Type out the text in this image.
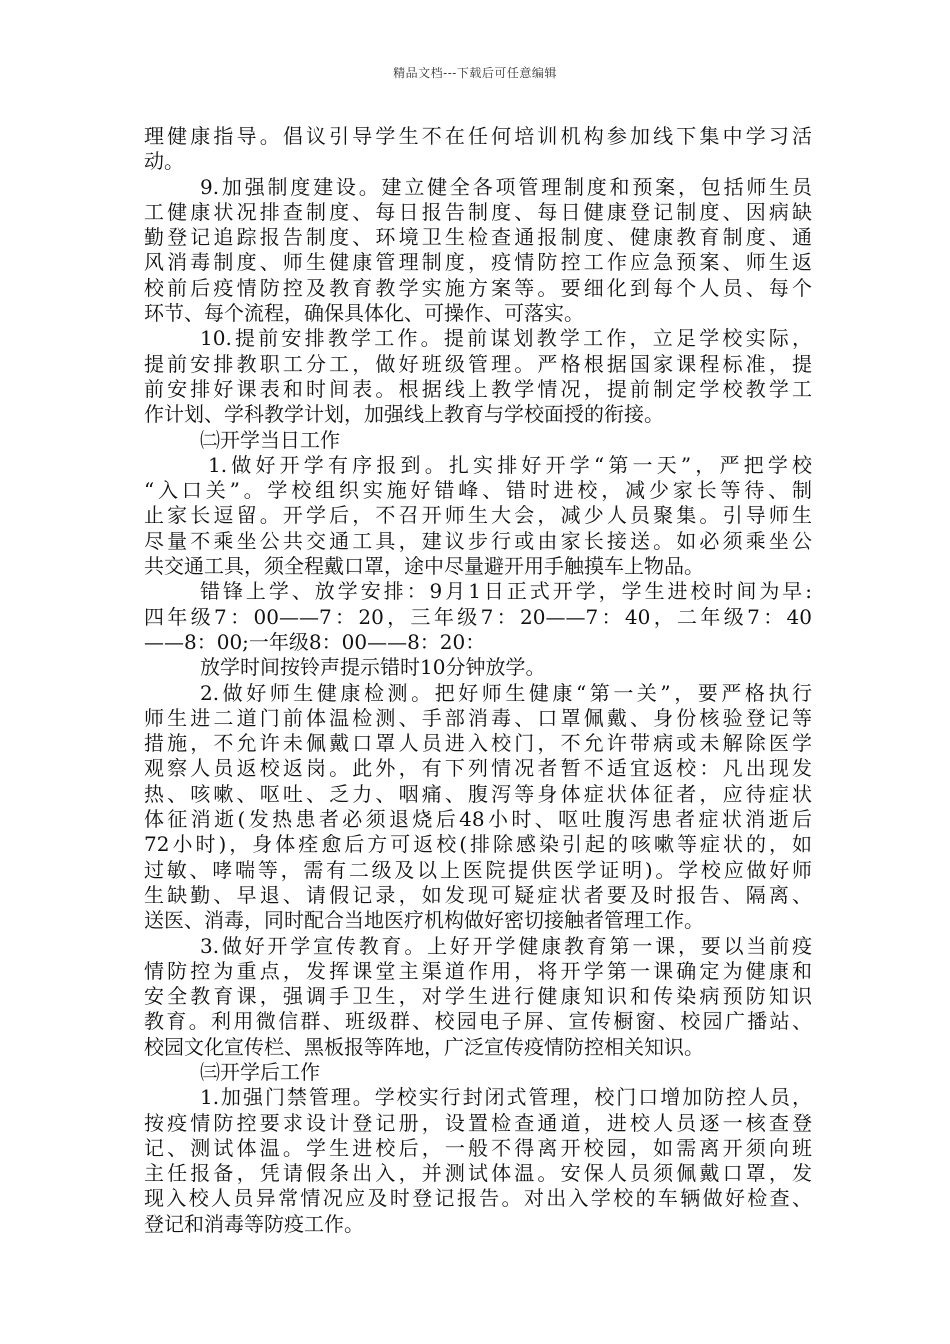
精品文档---下载后可任意编辑
理健康指导。倡议引导学生不在任何培训机构参加线下集中学习活
动。
9.加强制度建设。建立健全各项管理制度和预案，包括师生员
工健康状况排查制度、每日报告制度、每日健康登记制度、因病缺
勤登记追踪报告制度、环境卫生检查通报制度、健康教育制度、通
风消毒制度、师生健康管理制度，疫情防控工作应急预案、师生返
校前后疫情防控及教育教学实施方案等。要细化到每个人员、每个
环节、每个流程，确保具体化、可操作、可落实。
10.提前安排教学工作。提前谋划教学工作，立足学校实际，
提前安排教职工分工，做好班级管理。严格根据国家课程标准，提
前安排好课表和时间表。根据线上教学情况，提前制定学校教学工
作计划、学科教学计划，加强线上教育与学校面授的衔接。
㈡开学当日工作
1.做好开学有序报到。扎实排好开学“第一天”，严把学校
“入口关”。学校组织实施好错峰、错时进校，减少家长等待、制
止家长逗留。开学后，不召开师生大会，减少人员聚集。引导师生
尽量不乘坐公共交通工具，建议步行或由家长接送。如必须乘坐公
共交通工具，须全程戴口罩，途中尽量避开用手触摸车上物品。
错锋上学、放学安排：9月1日正式开学，学生进校时间为早:
四年级7：00——7：20，三年级7：20——7：40，二年级7：40
——8：00;一年级8：00——8：20：
放学时间按铃声提示错时10分钟放学。
2.做好师生健康检测。把好师生健康“第一关”，要严格执行
师生进二道门前体温检测、手部消毒、口罩佩戴、身份核验登记等
措施，不允许未佩戴口罩人员进入校门，不允许带病或未解除医学
观察人员返校返岗。此外，有下列情况者暂不适宜返校：凡出现发
热、咳嗽、呕吐、乏力、咽痛、腹泻等身体症状体征者，应待症状
体征消逝(发热患者必须退烧后48小时、呕吐腹泻患者症状消逝后
72小时)，身体痊愈后方可返校(排除感染引起的咳嗽等症状的，如
过敏、哮喘等，需有二级及以上医院提供医学证明)。学校应做好师
生缺勤、早退、请假记录，如发现可疑症状者要及时报告、隔离、
送医、消毒，同时配合当地医疗机构做好密切接触者管理工作。
3.做好开学宣传教育。上好开学健康教育第一课，要以当前疫
情防控为重点，发挥课堂主渠道作用，将开学第一课确定为健康和
安全教育课，强调手卫生，对学生进行健康知识和传染病预防知识
教育。利用微信群、班级群、校园电子屏、宣传橱窗、校园广播站、
校园文化宣传栏、黑板报等阵地，广泛宣传疫情防控相关知识。
㈢开学后工作
1.加强门禁管理。学校实行封闭式管理，校门口增加防控人员，
按疫情防控要求设计登记册，设置检查通道，进校人员逐一核查登
记、测试体温。学生进校后，一般不得离开校园，如需离开须向班
主任报备，凭请假条出入，并测试体温。安保人员须佩戴口罩，发
现入校人员异常情况应及时登记报告。对出入学校的车辆做好检查、
登记和消毒等防疫工作。
